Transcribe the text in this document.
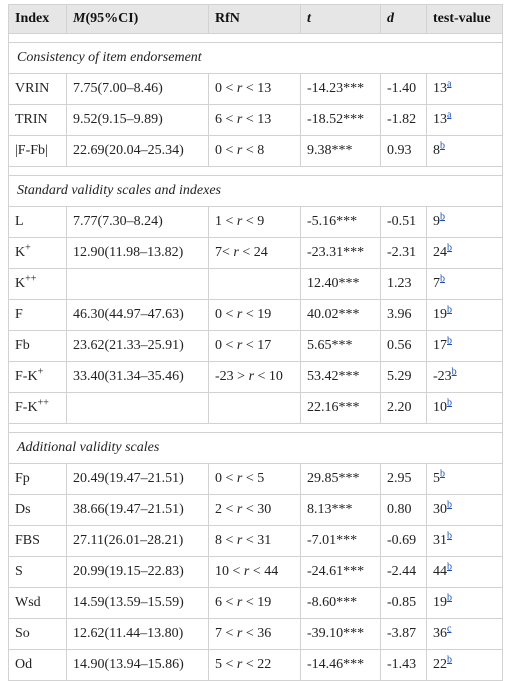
Index	M(95%CI)	RfN	t	d	test-value

Consistency of item endorsement					
VRIN	7.75(7.00–8.46)	0 < r < 13	-14.23***	-1.40	13$^a$
TRIN	9.52(9.15–9.89)	6 < r < 13	-18.52***	-1.82	13$^a$
|F-Fb|	22.69(20.04–25.34)	0 < r < 8	9.38***	0.93	8$^b$

Standard validity scales and indexes					
L	7.77(7.30–8.24)	1 < r < 9	-5.16***	-0.51	9$^b$
K+	12.90(11.98–13.82)	7< r < 24	-23.31***	-2.31	24$^b$
K++			12.40***	1.23	7$^b$
F	46.30(44.97–47.63)	0 < r < 19	40.02***	3.96	19$^b$
Fb	23.62(21.33–25.91)	0 < r < 17	5.65***	0.56	17$^b$
F-K+	33.40(31.34–35.46)	-23 > r < 10	53.42***	5.29	-23$^b$
F-K++			22.16***	2.20	10$^b$

Additional validity scales					
Fp	20.49(19.47–21.51)	0 < r < 5	29.85***	2.95	5$^b$
Ds	38.66(19.47–21.51)	2 < r < 30	8.13***	0.80	30$^b$
FBS	27.11(26.01–28.21)	8 < r < 31	-7.01***	-0.69	31$^b$
S	20.99(19.15–22.83)	10 < r < 44	-24.61***	-2.44	44$^b$
Wsd	14.59(13.59–15.59)	6 < r < 19	-8.60***	-0.85	19$^b$
So	12.62(11.44–13.80)	7 < r < 36	-39.10***	-3.87	36$^c$
Od	14.90(13.94–15.86)	5 < r < 22	-14.46***	-1.43	22$^b$
